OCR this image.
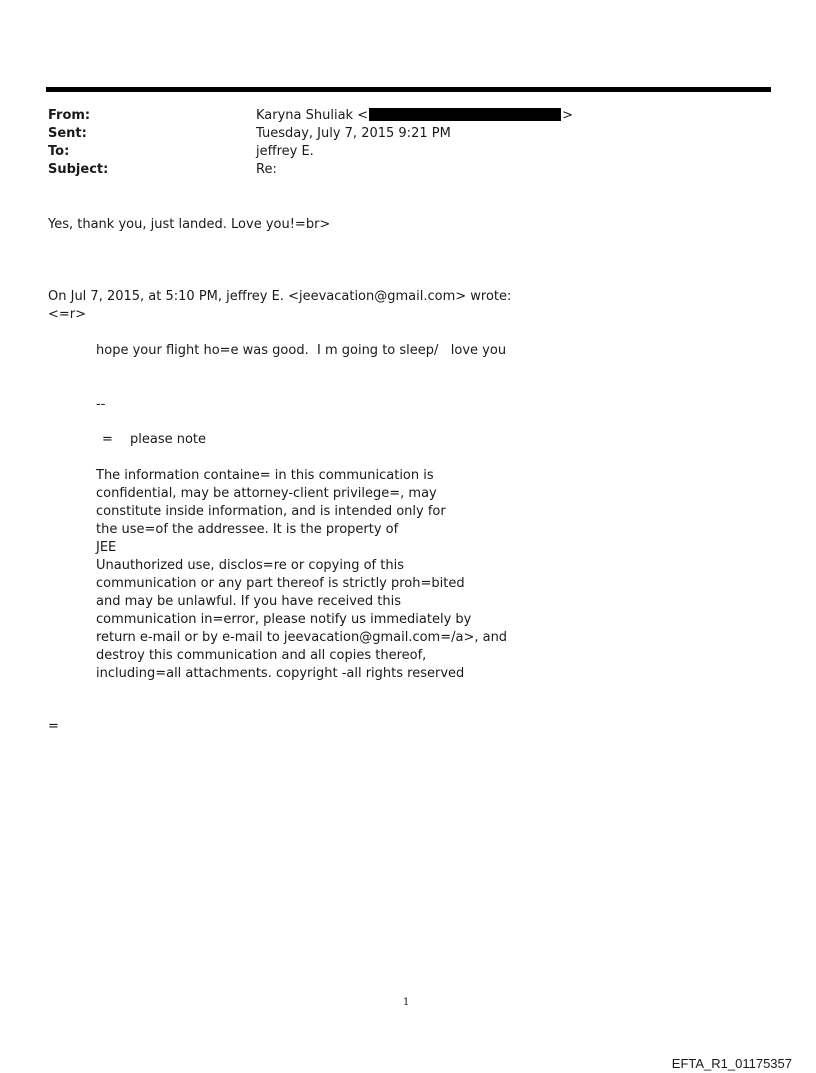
From:	Karyna Shuliak <	>
Sent:	Tuesday, July 7, 2015 9:21 PM
To:	jeffrey E.
Subject:	Re:
Yes, thank you, just landed. Love you!=br>
On Jul 7, 2015, at 5:10 PM, jeffrey E. <jeevacation@gmail.com> wrote:
<=r>
hope your flight ho=e was good.  I m going to sleep/   love you
--
= please note
The information containe= in this communication is
confidential, may be attorney-client privilege=, may
constitute inside information, and is intended only for
the use=of the addressee. It is the property of
JEE
Unauthorized use, disclos=re or copying of this
communication or any part thereof is strictly proh=bited
and may be unlawful. If you have received this
communication in=error, please notify us immediately by
return e-mail or by e-mail to jeevacation@gmail.com=/a>, and
destroy this communication and all copies thereof,
including=all attachments. copyright -all rights reserved
=
1
EFTA_R1_01175357
